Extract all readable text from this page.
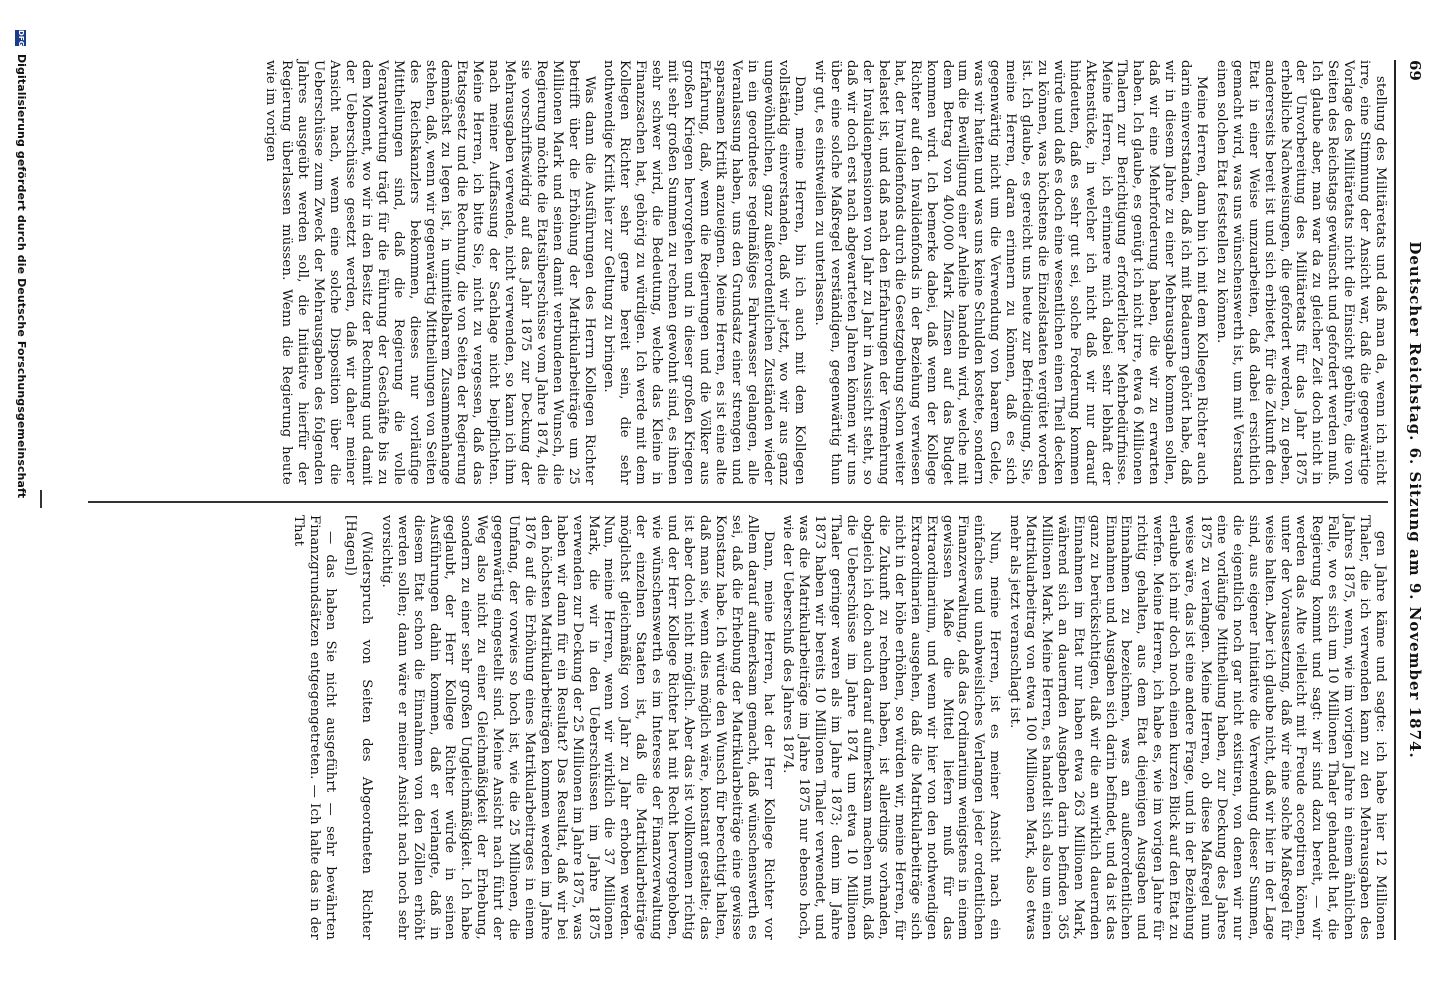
69
Deutscher Reichstag. 6. Sitzung am 9. November 1874.

stellung des Militäretats und daß man da, wenn ich nicht irre, eine Stimmung der Ansicht war, daß die gegenwärtige Vorlage des Militäretats nicht die Einsicht gebühre, die von Seiten des Reichstags gewünscht und gefordert werden muß. Ich glaube aber, man war da zu gleicher Zeit doch nicht in der Unvorbereitung des Militäretats für das Jahr 1875 erhebliche Nachweisungen, die gefordert werden, zu geben, andererseits bereit ist und sich erbietet, für die Zukunft den Etat in einer Weise umzuarbeiten, daß dabei ersichtlich gemacht wird, was uns wünschenswerth ist, um mit Verstand einen solchen Etat feststellen zu können.

Meine Herren, dann bin ich mit dem Kollegen Richter auch darin einverstanden, daß ich mit Bedauern gehört habe, daß wir in diesem Jahre zu einer Mehrausgabe kommen sollen, daß wir eine Mehrforderung haben, die wir zu erwarten haben. Ich glaube, es genügt ich nicht irre, etwa 6 Millionen Thalern zur Berichtigung erforderlicher Mehrbedürfnisse. Meine Herren, ich erinnere mich dabei sehr lebhaft der Aktenstücke, in welcher ich nicht daß wir nur darauf hindeuten, daß es sehr gut sei, solche Forderung kommen würde und daß es doch eine wesentlichen einen Theil decken zu können, was höchstens die Einzelstaaten vergütet worden ist. Ich glaube, es gereicht uns heute zur Befriedigung, Sie, meine Herren, daran erinnern zu können, daß es sich gegenwärtig nicht um die Verwendung von baarem Gelde, was wir hatten und was uns keine Schulden kostete, sondern um die Bewilligung einer Anleihe handeln wird, welche mit dem Betrag von 400,000 Mark Zinsen auf das Budget kommen wird. Ich bemerke dabei, daß wenn der Kollege Richter auf den Invalidenfonds in der Beziehung verwiesen hat, der Invalidenfonds durch die Gesetzgebung schon weiter belastet ist, und daß nach den Erfahrungen der Vermehrung der Invalidenpensionen von Jahr zu Jahr in Aussicht steht, so daß wir doch erst nach abgewarteten Jahren können wir uns über eine solche Maßregel verständigen, gegenwärtig thun wir gut, es einstweilen zu unterlassen.

Dann, meine Herren, bin ich auch mit dem Kollegen vollständig einverstanden, daß wir jetzt, wo wir aus ganz ungewöhnlichen, ganz außerordentlichen Zuständen wieder in ein geordnetes regelmäßiges Fahrwasser gelangen, alle Veranlassung haben, uns den Grundsatz einer strengen und sparsamen Kritik anzueignen. Meine Herren, es ist eine alte Erfahrung, daß, wenn die Regierungen und die Völker aus großen Kriegen hervorgehen und in dieser großen Kriegen mit sehr großen Summen zu rechnen gewohnt sind, es ihnen sehr schwer wird, die Bedeutung, welche das Kleine in Finanzsachen hat, gehörig zu würdigen. Ich werde mit dem Kollegen Richter sehr gerne bereit sein, die sehr nothwendige Kritik hier zur Geltung zu bringen.

Was dann die Ausführungen des Herrn Kollegen Richter betrifft über die Erhöhung der Matrikularbeiträge um 25 Millionen Mark und seinen damit verbundenen Wunsch, die Regierung möchte die Etatsüberschüsse vom Jahre 1874, die sie vorschriftswidrig auf das Jahr 1875 zur Deckung der Mehrausgaben verwende, nicht verwenden, so kann ich ihm nach meiner Auffassung der Sachlage nicht beipflichten. Meine Herren, ich bitte Sie, nicht zu vergessen, daß das Etatsgesetz und die Rechnung, die von Seiten der Regierung demnächst zu legen ist, in unmittelbarem Zusammenhange stehen, daß, wenn wir gegenwärtig Mittheilungen von Seiten des Reichskanzlers bekommen, dieses nur vorläufige Mittheilungen sind, daß die Regierung die volle Verantwortung trägt für die Führung der Geschäfte bis zu dem Moment, wo wir in den Besitz der Rechnung und damit der Ueberschüsse gesetzt werden, daß wir daher meiner Ansicht nach, wenn eine solche Disposition über die Ueberschüsse zum Zweck der Mehrausgaben des folgenden Jahres ausgeübt werden soll, die Initiative hierfür der Regierung überlassen müssen. Wenn die Regierung heute wie im vorigen

gen Jahre käme und sagte: ich habe hier 12 Millionen Thaler, die ich verwenden kann zu den Mehrausgaben des Jahres 1875, wenn, wie im vorigen Jahre in einem ähnlichen Falle, wo es sich um 10 Millionen Thaler gehandelt hat, die Regierung kommt und sagt: wir sind dazu bereit, — wir werden das Alte vielleicht mit Freude acceptiren können, unter der Voraussetzung, daß wir eine solche Maßregel für weise halten. Aber ich glaube nicht, daß wir hier in der Lage sind, aus eigener Initiative die Verwendung dieser Summen, die eigentlich noch gar nicht existiren, von denen wir nur eine vorläufige Mittheilung haben, zur Deckung des Jahres 1875 zu verlangen. Meine Herren, ob diese Maßregel nun weise wäre, das ist eine andere Frage, und in der Beziehung erlaube ich mir doch noch einen kurzen Blick auf den Etat zu werfen. Meine Herren, ich habe es, wie im vorigen Jahre für richtig gehalten, aus dem Etat diejenigen Ausgaben und Einnahmen zu bezeichnen, was an außerordentlichen Einnahmen und Ausgaben sich darin befindet, und da ist das ganz zu berücksichtigen, daß wir die an wirklich dauernden Einnahmen im Etat nur haben etwa 263 Millionen Mark, während sich an dauernden Ausgaben darin befinden 365 Millionen Mark. Meine Herren, es handelt sich also um einen Matrikularbeitrag von etwa 100 Millionen Mark, also etwas mehr als jetzt veranschlagt ist.

Nun, meine Herren, ist es meiner Ansicht nach ein einfaches und unabweisliches Verlangen jeder ordentlichen Finanzverwaltung, daß das Ordinarium wenigstens in einem gewissen Maße die Mittel liefern muß für das Extraordinarium, und wenn wir hier von den nothwendigen Extraordinarien ausgehen, daß die Matrikularbeiträge sich nicht in der höhe erhöhen, so würden wir, meine Herren, für die Zukunft zu rechnen haben, ist allerdings vorhanden, obgleich ich doch auch darauf aufmerksam machen muß, daß die Ueberschüsse im Jahre 1874 um etwa 10 Millionen Thaler geringer waren als im Jahre 1873; denn im Jahre 1873 haben wir bereits 10 Millionen Thaler verwendet, und was die Matrikularbeiträge im Jahre 1875 nur ebenso hoch, wie der Ueberschuß des Jahres 1874.

Dann, meine Herren, hat der Herr Kollege Richter vor Allem darauf aufmerksam gemacht, daß wünschenswerth es sei, daß die Erhebung der Matrikularbeiträge eine gewisse Konstanz habe. Ich würde den Wunsch für berechtigt halten, daß man sie, wenn dies möglich wäre, konstant gestalte; das ist aber doch nicht möglich. Aber das ist vollkommen richtig und der Herr Kollege Richter hat mit Recht hervorgehoben, wie wünschenswerth es im Interesse der Finanzverwaltung der einzelnen Staaten ist, daß die Matrikularbeiträge möglichst gleichmäßig von Jahr zu Jahr erhoben werden. Nun, meine Herren, wenn wir wirklich die 37 Millionen Mark, die wir in den Ueberschüssen im Jahre 1875 verwenden zur Deckung der 25 Millionen im Jahre 1875, was haben wir dann für ein Resultat? Das Resultat, daß wir bei den höchsten Matrikularbeiträgen kommen werden im Jahre 1876 auf die Erhöhung eines Matrikularbeitrages in einem Umfang, der vorwies so hoch ist, wie die 25 Millionen, die gegenwärtig eingestellt sind. Meine Ansicht nach führt der Weg also nicht zu einer Gleichmäßigkeit der Erhebung, sondern zu einer sehr großen Ungleichmäßigkeit. Ich habe geglaubt, der Herr Kollege Richter würde in seinen Ausführungen dahin kommen, daß er verlangte, daß in diesem Etat schon die Einnahmen von den Zöllen erhöht werden sollen; dann wäre er meiner Ansicht nach noch sehr vorsichtig.

(Widerspruch von Seiten des Abgeordneten Richter [Hagen])

— das haben Sie nicht ausgeführt — sehr bewährten Finanzgrundsätzen entgegengetreten. — Ich halte das in der That

DFG Digitalisierung gefördert durch die Deutsche Forschungsgemeinschaft
